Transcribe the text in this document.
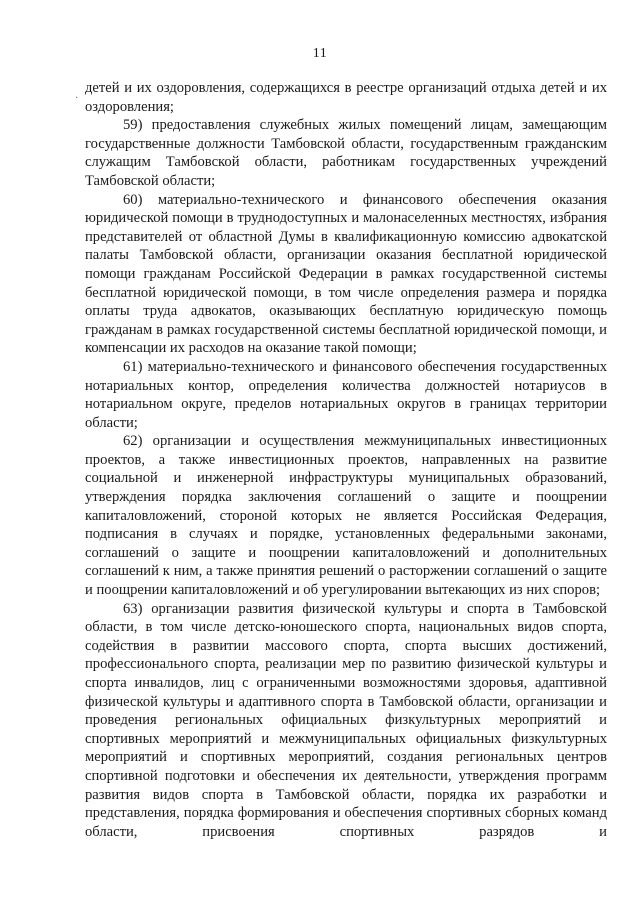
11
·

детей и их оздоровления, содержащихся в реестре организаций отдыха детей и их оздоровления;

59) предоставления служебных жилых помещений лицам, замещающим государственные должности Тамбовской области, государственным гражданским служащим Тамбовской области, работникам государственных учреждений Тамбовской области;

60) материально-технического и финансового обеспечения оказания юридической помощи в труднодоступных и малонаселенных местностях, избрания представителей от областной Думы в квалификационную комиссию адвокатской палаты Тамбовской области, организации оказания бесплатной юридической помощи гражданам Российской Федерации в рамках государственной системы бесплатной юридической помощи, в том числе определения размера и порядка оплаты труда адвокатов, оказывающих бесплатную юридическую помощь гражданам в рамках государственной системы бесплатной юридической помощи, и компенсации их расходов на оказание такой помощи;

61) материально-технического и финансового обеспечения государственных нотариальных контор, определения количества должностей нотариусов в нотариальном округе, пределов нотариальных округов в границах территории области;

62) организации и осуществления межмуниципальных инвестиционных проектов, а также инвестиционных проектов, направленных на развитие социальной и инженерной инфраструктуры муниципальных образований, утверждения порядка заключения соглашений о защите и поощрении капиталовложений, стороной которых не является Российская Федерация, подписания в случаях и порядке, установленных федеральными законами, соглашений о защите и поощрении капиталовложений и дополнительных соглашений к ним, а также принятия решений о расторжении соглашений о защите и поощрении капиталовложений и об урегулировании вытекающих из них споров;

63) организации развития физической культуры и спорта в Тамбовской области, в том числе детско-юношеского спорта, национальных видов спорта, содействия в развитии массового спорта, спорта высших достижений, профессионального спорта, реализации мер по развитию физической культуры и спорта инвалидов, лиц с ограниченными возможностями здоровья, адаптивной физической культуры и адаптивного спорта в Тамбовской области, организации и проведения региональных официальных физкультурных мероприятий и спортивных мероприятий и межмуниципальных официальных физкультурных мероприятий и спортивных мероприятий, создания региональных центров спортивной подготовки и обеспечения их деятельности, утверждения программ развития видов спорта в Тамбовской области, порядка их разработки и представления, порядка формирования и обеспечения спортивных сборных команд области, присвоения спортивных разрядов и
